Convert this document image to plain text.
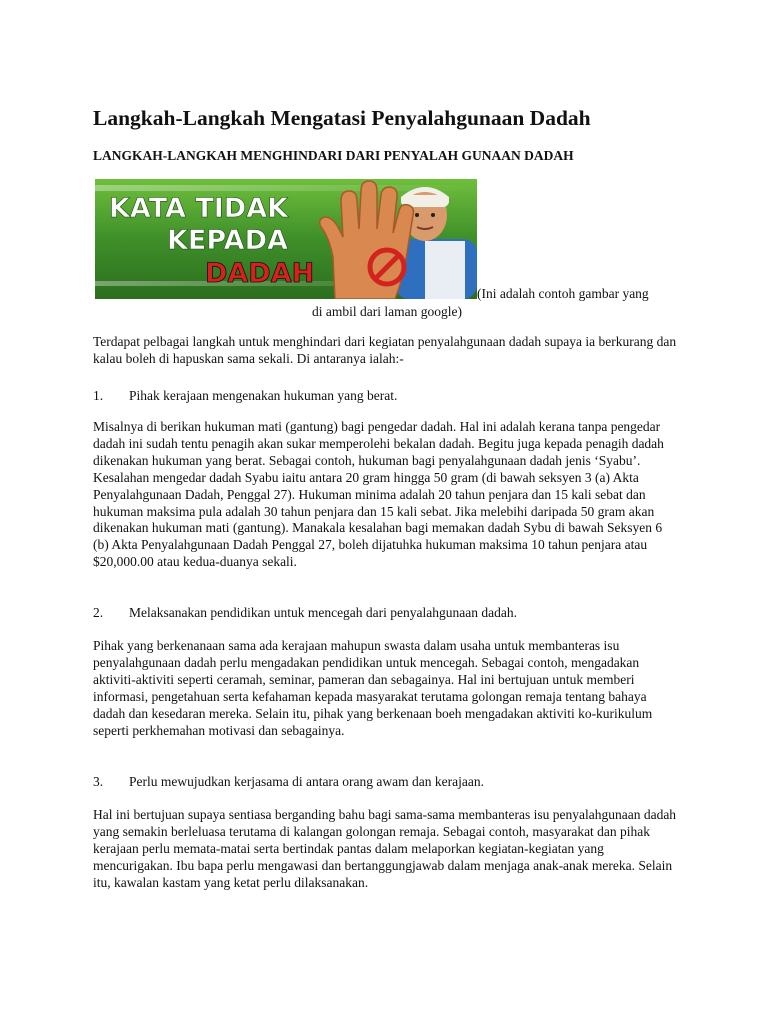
Langkah-Langkah Mengatasi Penyalahgunaan Dadah
LANGKAH-LANGKAH MENGHINDARI DARI PENYALAH GUNAAN DADAH
KATA TIDAK
KEPADA
DADAH
(Ini adalah contoh gambar yang
di ambil dari laman google)

Terdapat pelbagai langkah untuk menghindari dari kegiatan penyalahgunaan dadah supaya ia berkurang dan kalau boleh di hapuskan sama sekali. Di antaranya ialah:-

1. Pihak kerajaan mengenakan hukuman yang berat.

Misalnya di berikan hukuman mati (gantung) bagi pengedar dadah. Hal ini adalah kerana tanpa pengedar dadah ini sudah tentu penagih akan sukar memperolehi bekalan dadah. Begitu juga kepada penagih dadah dikenakan hukuman yang berat. Sebagai contoh, hukuman bagi penyalahgunaan dadah jenis ‘Syabu’. Kesalahan mengedar dadah Syabu iaitu antara 20 gram hingga 50 gram (di bawah seksyen 3 (a) Akta Penyalahgunaan Dadah, Penggal 27). Hukuman minima adalah 20 tahun penjara dan 15 kali sebat dan hukuman maksima pula adalah 30 tahun penjara dan 15 kali sebat. Jika melebihi daripada 50 gram akan dikenakan hukuman mati (gantung). Manakala kesalahan bagi memakan dadah Sybu di bawah Seksyen 6 (b) Akta Penyalahgunaan Dadah Penggal 27, boleh dijatuhka hukuman maksima 10 tahun penjara atau $20,000.00 atau kedua-duanya sekali.

2. Melaksanakan pendidikan untuk mencegah dari penyalahgunaan dadah.

Pihak yang berkenanaan sama ada kerajaan mahupun swasta dalam usaha untuk membanteras isu penyalahgunaan dadah perlu mengadakan pendidikan untuk mencegah. Sebagai contoh, mengadakan aktiviti-aktiviti seperti ceramah, seminar, pameran dan sebagainya. Hal ini bertujuan untuk memberi informasi, pengetahuan serta kefahaman kepada masyarakat terutama golongan remaja tentang bahaya dadah dan kesedaran mereka. Selain itu, pihak yang berkenaan boeh mengadakan aktiviti ko-kurikulum seperti perkhemahan motivasi dan sebagainya.

3. Perlu mewujudkan kerjasama di antara orang awam dan kerajaan.

Hal ini bertujuan supaya sentiasa berganding bahu bagi sama-sama membanteras isu penyalahgunaan dadah yang semakin berleluasa terutama di kalangan golongan remaja. Sebagai contoh, masyarakat dan pihak kerajaan perlu memata-matai serta bertindak pantas dalam melaporkan kegiatan-kegiatan yang mencurigakan. Ibu bapa perlu mengawasi dan bertanggungjawab dalam menjaga anak-anak mereka. Selain itu, kawalan kastam yang ketat perlu dilaksanakan.
